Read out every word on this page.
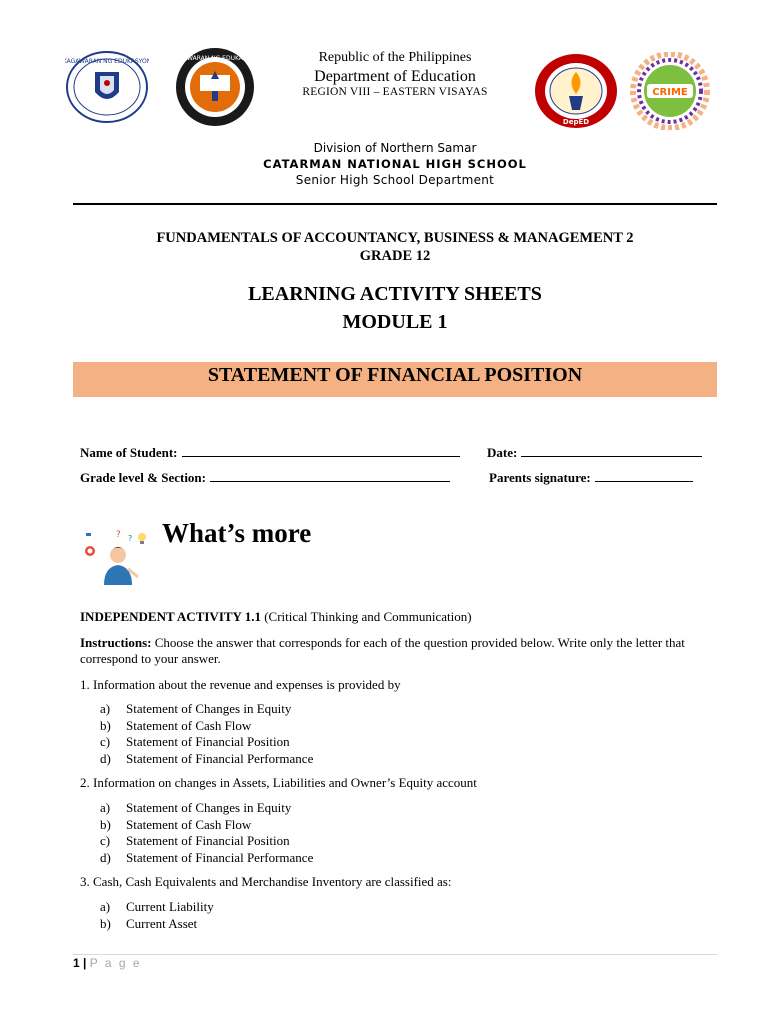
KAGAWARAN NG EDUKASYON	KAGAWARAN NG EDUKASYON
DepED
CRIME
Republic of the Philippines
Department of Education
REGION VIII – EASTERN VISAYAS
Division of Northern Samar
CATARMAN NATIONAL HIGH SCHOOL
Senior High School Department
FUNDAMENTALS OF ACCOUNTANCY, BUSINESS & MANAGEMENT 2
GRADE 12
LEARNING ACTIVITY SHEETS
MODULE 1
STATEMENT OF FINANCIAL POSITION
Name of Student:	Date:
Grade level & Section:	Parents signature:
? ? What’s more
INDEPENDENT ACTIVITY 1.1 (Critical Thinking and Communication)
Instructions: Choose the answer that corresponds for each of the question provided below. Write only the letter that correspond to your answer.
1. Information about the revenue and expenses is provided by
a) Statement of Changes in Equity
b) Statement of Cash Flow
c) Statement of Financial Position
d) Statement of Financial Performance
2. Information on changes in Assets, Liabilities and Owner’s Equity account
a) Statement of Changes in Equity
b) Statement of Cash Flow
c) Statement of Financial Position
d) Statement of Financial Performance
3. Cash, Cash Equivalents and Merchandise Inventory are classified as:
a) Current Liability
b) Current Asset
1 | P a g e
